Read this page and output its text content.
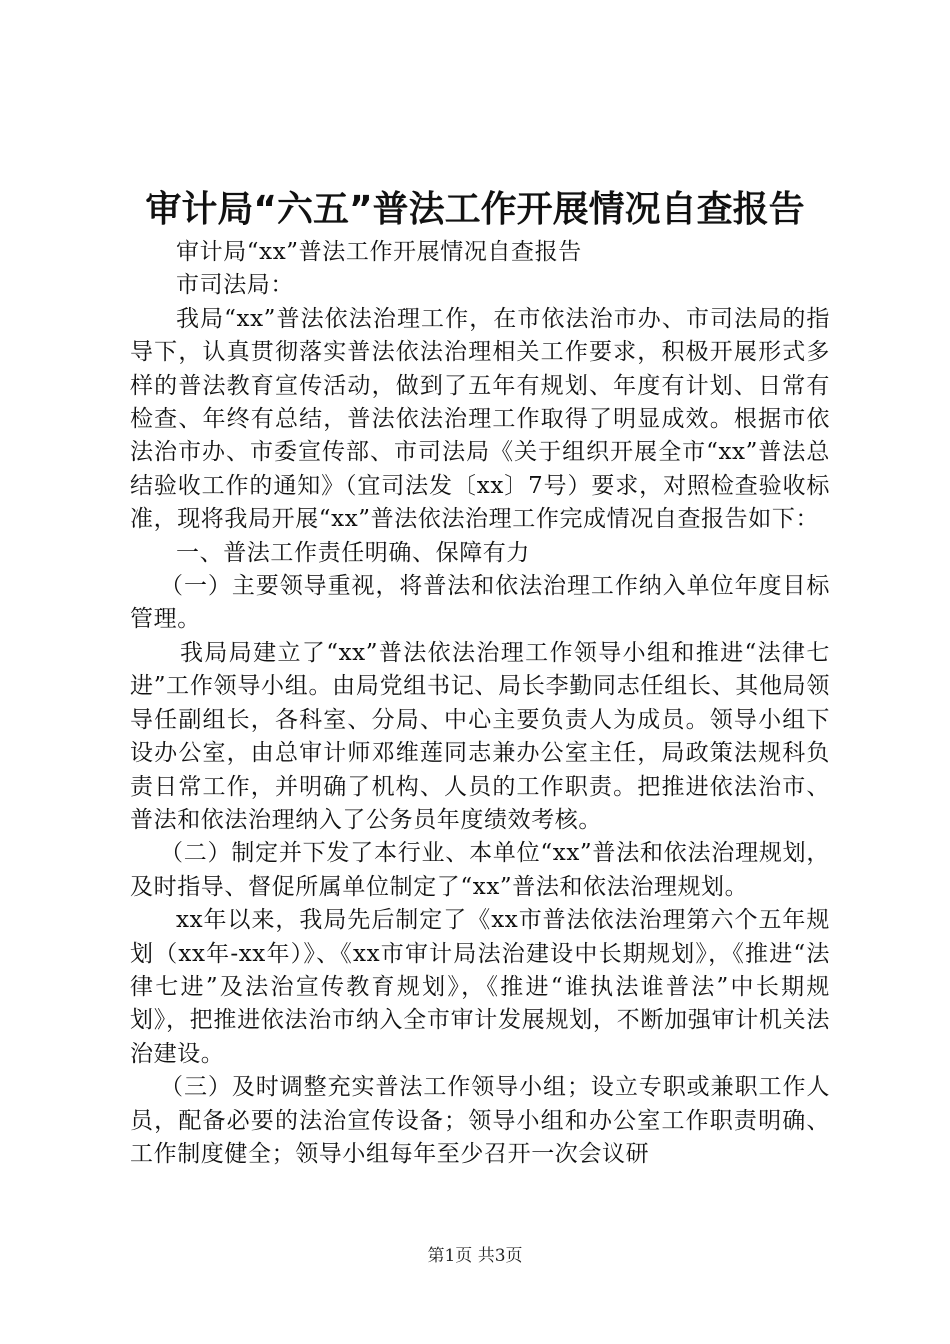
审计局“六五”普法工作开展情况自查报告

审计局“xx”普法工作开展情况自查报告

市司法局：

我局“xx”普法依法治理工作，在市依法治市办、市司法局的指导下，认真贯彻落实普法依法治理相关工作要求，积极开展形式多样的普法教育宣传活动，做到了五年有规划、年度有计划、日常有检查、年终有总结，普法依法治理工作取得了明显成效。根据市依法治市办、市委宣传部、市司法局《关于组织开展全市“xx”普法总结验收工作的通知》（宜司法发〔xx〕7号）要求，对照检查验收标准，现将我局开展“xx”普法依法治理工作完成情况自查报告如下：

一、普法工作责任明确、保障有力

（一）主要领导重视，将普法和依法治理工作纳入单位年度目标管理。

我局局建立了“xx”普法依法治理工作领导小组和推进“法律七进”工作领导小组。由局党组书记、局长李勤同志任组长、其他局领导任副组长，各科室、分局、中心主要负责人为成员。领导小组下设办公室，由总审计师邓维莲同志兼办公室主任，局政策法规科负责日常工作，并明确了机构、人员的工作职责。把推进依法治市、普法和依法治理纳入了公务员年度绩效考核。

（二）制定并下发了本行业、本单位“xx”普法和依法治理规划，及时指导、督促所属单位制定了“xx”普法和依法治理规划。

xx年以来，我局先后制定了《xx市普法依法治理第六个五年规划（xx年-xx年）》、《xx市审计局法治建设中长期规划》，《推进“法律七进”及法治宣传教育规划》，《推进“谁执法谁普法”中长期规划》，把推进依法治市纳入全市审计发展规划，不断加强审计机关法治建设。

（三）及时调整充实普法工作领导小组；设立专职或兼职工作人员，配备必要的法治宣传设备；领导小组和办公室工作职责明确、工作制度健全；领导小组每年至少召开一次会议研

第1页 共3页
